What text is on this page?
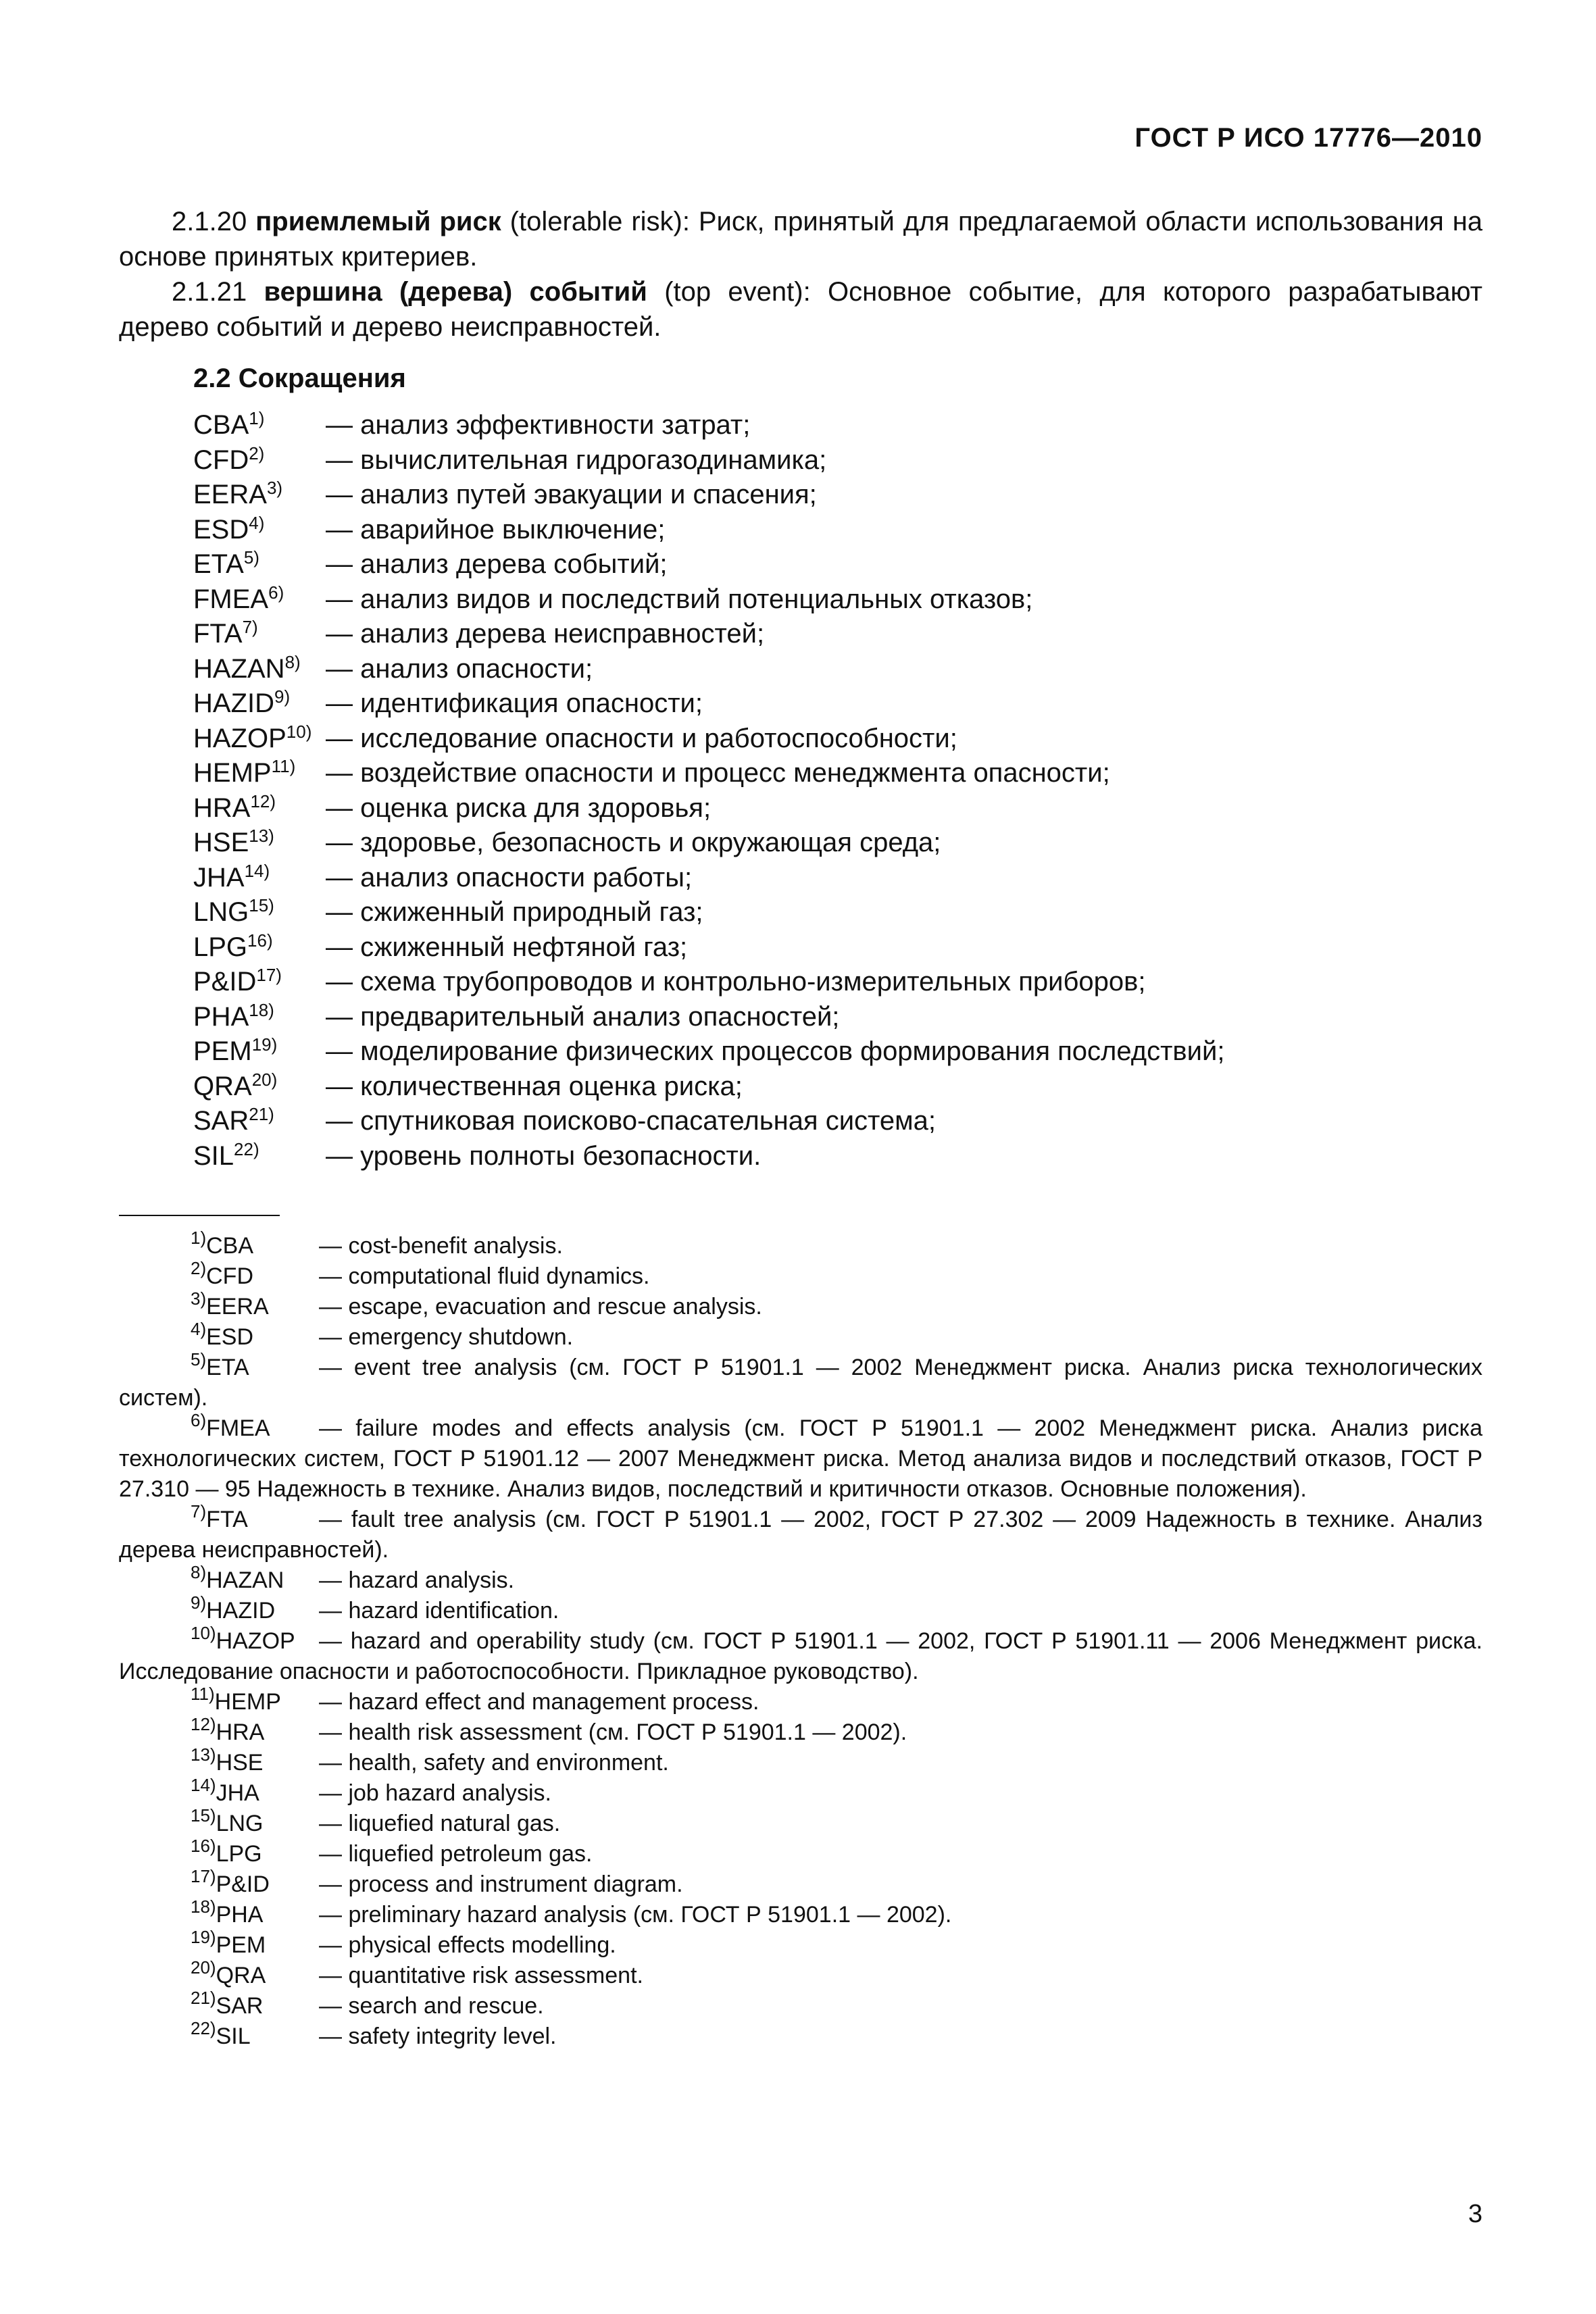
ГОСТ Р ИСО 17776—2010
2.1.20 приемлемый риск (tolerable risk): Риск, принятый для предлагаемой области использования на основе принятых критериев.
2.1.21 вершина (дерева) событий (top event): Основное событие, для которого разрабатывают дерево событий и дерево неисправностей.
2.2 Сокращения
CBA$^{1)}$	— анализ эффективности затрат;
CFD$^{2)}$	— вычислительная гидрогазодинамика;
EERA$^{3)}$	— анализ путей эвакуации и спасения;
ESD$^{4)}$	— аварийное выключение;
ETA$^{5)}$	— анализ дерева событий;
FMEA$^{6)}$	— анализ видов и последствий потенциальных отказов;
FTA$^{7)}$	— анализ дерева неисправностей;
HAZAN$^{8)}$ — анализ опасности;
HAZID$^{9)}$	— идентификация опасности;
HAZOP$^{10)}$ — исследование опасности и работоспособности;
HEMP$^{11)}$	— воздействие опасности и процесс менеджмента опасности;
HRA$^{12)}$	— оценка риска для здоровья;
HSE$^{13)}$	— здоровье, безопасность и окружающая среда;
JHA$^{14)}$	— анализ опасности работы;
LNG$^{15)}$	— сжиженный природный газ;
LPG$^{16)}$	— сжиженный нефтяной газ;
P&ID$^{17)}$	— схема трубопроводов и контрольно-измерительных приборов;
PHA$^{18)}$	— предварительный анализ опасностей;
PEM$^{19)}$	— моделирование физических процессов формирования последствий;
QRA$^{20)}$	— количественная оценка риска;
SAR$^{21)}$	— спутниковая поисково-спасательная система;
SIL$^{22)}$	— уровень полноты безопасности.
$^{1)}$CBA	— cost-benefit analysis.
$^{2)}$CFD	— computational fluid dynamics.
$^{3)}$EERA	— escape, evacuation and rescue analysis.
$^{4)}$ESD	— emergency shutdown.
$^{5)}$ETA	— event tree analysis (см. ГОСТ Р 51901.1 — 2002 Менеджмент риска. Анализ риска технологических систем).
$^{6)}$FMEA — failure modes and effects analysis (см. ГОСТ Р 51901.1 — 2002 Менеджмент риска. Анализ риска технологических систем, ГОСТ Р 51901.12 — 2007 Менеджмент риска. Метод анализа видов и последствий отказов, ГОСТ Р 27.310 — 95 Надежность в технике. Анализ видов, последствий и критичности отказов. Основные положения).
$^{7)}$FTA	— fault tree analysis (см. ГОСТ Р 51901.1 — 2002, ГОСТ Р 27.302 — 2009 Надежность в технике. Анализ дерева неисправностей).
$^{8)}$HAZAN	— hazard analysis.
$^{9)}$HAZID	— hazard identification.
$^{10)}$HAZOP — hazard and operability study (см. ГОСТ Р 51901.1 — 2002, ГОСТ Р 51901.11 — 2006 Менеджмент риска. Исследование опасности и работоспособности. Прикладное руководство).
$^{11)}$HEMP	— hazard effect and management process.
$^{12)}$HRA	— health risk assessment (см. ГОСТ Р 51901.1 — 2002).
$^{13)}$HSE	— health, safety and environment.
$^{14)}$JHA	— job hazard analysis.
$^{15)}$LNG	— liquefied natural gas.
$^{16)}$LPG	— liquefied petroleum gas.
$^{17)}$P&ID	— process and instrument diagram.
$^{18)}$PHA	— preliminary hazard analysis (см. ГОСТ Р 51901.1 — 2002).
$^{19)}$PEM	— physical effects modelling.
$^{20)}$QRA	— quantitative risk assessment.
$^{21)}$SAR	— search and rescue.
$^{22)}$SIL	— safety integrity level.
3
